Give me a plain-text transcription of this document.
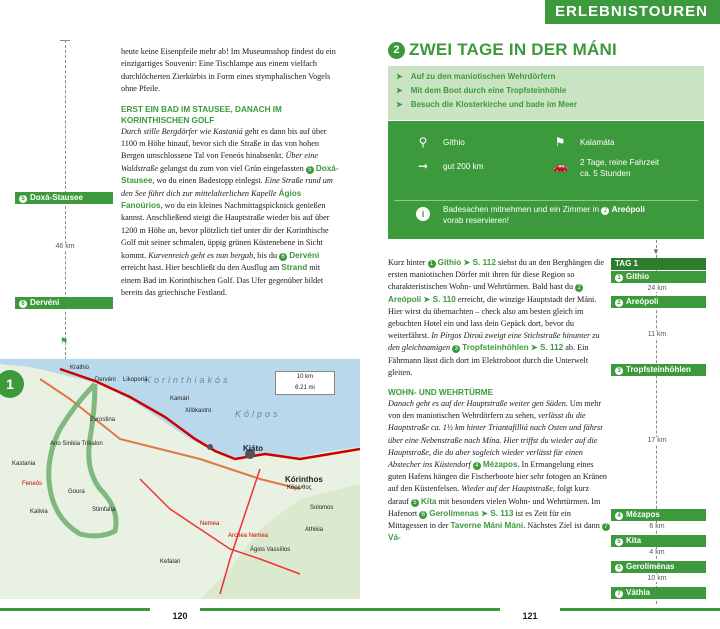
5 Doxá-Stausee
46 km
6 Dervéni
⚑

heute keine Eisenpfeile mehr ab! Im Museumsshop findest du ein einzigartiges Souvenir: Eine Tischlampe aus einem vielfach durchlöcherten Zierkürbis in Form eines stymphalischen Vogels ohne Pfeile.

ERST EIN BAD IM STAUSEE, DANACH IM KORINTHISCHEN GOLF

Durch stille Bergdörfer wie Kastaniá geht es dann bis auf über 1100 m Höhe hinauf, bevor sich die Straße in das von hohen Bergen umschlossene Tal von Feneós hinabsenkt. Über eine Waldstraße gelangst du zum von viel Grün eingefassten 5 Doxá-Stausee, wo du einen Badestopp einlegst. Eine Straße rund um den See führt dich zur mittelalterlichen Kapelle Ágios Fanoúrios, wo du ein kleines Nachmittagspicknick genießen kannst. Anschließend steigt die Hauptstraße wieder bis auf über 1200 m Höhe an, bevor plötzlich tief unter dir der Korinthische Golf mit seiner schmalen, üppig grünen Küstenebene in Sicht kommt. Kurvenreich geht es nun bergab, bis du 6 Dervéni erreicht hast. Hier beschließt du den Ausflug am Strand mit einem Bad im Korinthischen Golf. Das Ufer gegenüber bildet bereits das griechische Festland.

1	Korinthiakós
Kólpos
10 km
6.21 mi
Krathio
Dervéni Likoporiá
Kamári
Xilókastro
Kiáto
Kórinthos
Κόρινθος
Stimfalía
Feneós
Kalivia
Nemea
Ano Sinikia Trikalon
Evrostina
Goura
Kastania
Solomos
Athikia
Ágios Vassílios
Archea Nemea
Kefalari
120
ERLEBNISTOUREN
2 ZWEI TAGE IN DER MÁNI
➤ Auf zu den maniotischen Wehrdörfern
➤ Mit dem Boot durch eine Tropfsteinhöhle
➤ Besuch die Klosterkirche und bade im Meer
⚲	Gíthio	⚑ Kalamáta
➞ gut 200 km	🚗 2 Tage, reine Fahrzeit
ca. 5 Stunden
i	Badesachen mitnehmen und ein Zimmer in 2 Areópoli
vorab reservieren!

Kurz hinter 1 Gíthio ➤ S. 112 siehst du an den Berghängen die ersten maniotischen Dörfer mit ihren für diese Region so charakteristischen Wohn- und Wehrtürmen. Bald hast du 2 Areópoli ➤ S. 110 erreicht, die winzige Hauptstadt der Máni. Hier wirst du übernachten – check also am besten gleich im gebuchten Hotel ein und lass dein Gepäck dort, bevor du weiterfährst. In Pírgos Diroú zweigt eine Stichstraße hinunter zu den gleichnamigen 3 Tropfsteinhöhlen ➤ S. 112 ab. Ein Fährmann lässt dich dort im Elektroboot durch die Unterwelt gleiten.

WOHN- UND WEHRTÜRME

Danach geht es auf der Hauptstraße weiter gen Süden. Um mehr von den maniotischen Wehrdörfern zu sehen, verlässt du die Hauptstraße ca. 1½ km hinter Triantafilliá nach Osten und fährst über eine Nebenstraße nach Mína. Hier triffst du wieder auf die Hauptstraße, die du aber sogleich wieder verlässt für einen Abstecher ins Küstendorf 4 Mézapos. In Ermangelung eines guten Hafens hängen die Fischerboote hier sehr fotogen an Kränen auf den Küstenfelsen. Wieder auf der Hauptstraße, folgt kurz darauf 5 Kíta mit besonders vielen Wohn- und Wehrtürmen. Im Hafenort 6 Gerolímenas ➤ S. 113 ist es Zeit für ein Mittagessen in der Taverne Máni Máni. Nächstes Ziel ist dann 7 Vá-

121
▼
TAG 1
1 Gíthio
24 km
2 Areópoli
11 km
3 Tropfsteinhöhlen
17 km
4 Mézapos
6 km
5 Kíta
4 km
6 Gerolíménas
10 km
7 Váthia
